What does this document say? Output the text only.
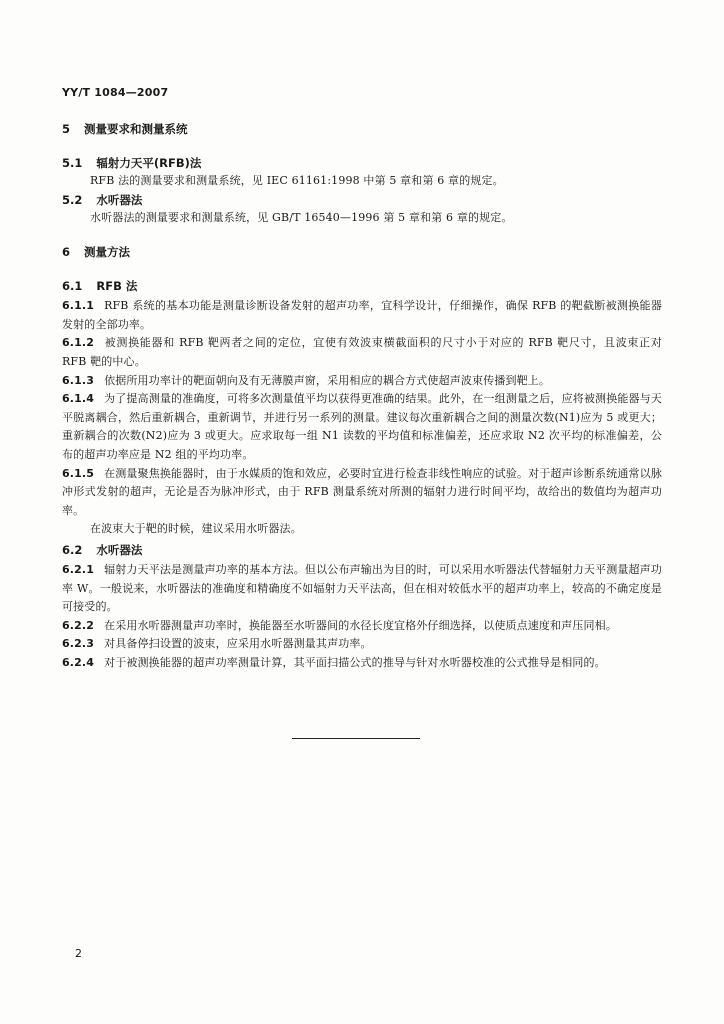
YY/T 1084—2007

5 测量要求和测量系统

5.1 辐射力天平(RFB)法

RFB 法的测量要求和测量系统，见 IEC 61161:1998 中第 5 章和第 6 章的规定。

5.2 水听器法

水听器法的测量要求和测量系统，见 GB/T 16540—1996 第 5 章和第 6 章的规定。

6 测量方法

6.1 RFB 法

6.1.1 RFB 系统的基本功能是测量诊断设备发射的超声功率，宜科学设计，仔细操作，确保 RFB 的靶截断被测换能器发射的全部功率。

6.1.2 被测换能器和 RFB 靶两者之间的定位，宜使有效波束横截面积的尺寸小于对应的 RFB 靶尺寸，且波束正对 RFB 靶的中心。

6.1.3 依据所用功率计的靶面朝向及有无薄膜声窗，采用相应的耦合方式使超声波束传播到靶上。

6.1.4 为了提高测量的准确度，可将多次测量值平均以获得更准确的结果。此外，在一组测量之后，应将被测换能器与天平脱离耦合，然后重新耦合，重新调节，并进行另一系列的测量。建议每次重新耦合之间的测量次数(N1)应为 5 或更大；重新耦合的次数(N2)应为 3 或更大。应求取每一组 N1 读数的平均值和标准偏差，还应求取 N2 次平均的标准偏差，公布的超声功率应是 N2 组的平均功率。

6.1.5 在测量聚焦换能器时，由于水媒质的饱和效应，必要时宜进行检查非线性响应的试验。对于超声诊断系统通常以脉冲形式发射的超声，无论是否为脉冲形式，由于 RFB 测量系统对所测的辐射力进行时间平均，故给出的数值均为超声功率。

在波束大于靶的时候，建议采用水听器法。

6.2 水听器法

6.2.1 辐射力天平法是测量声功率的基本方法。但以公布声输出为目的时，可以采用水听器法代替辐射力天平测量超声功率 W。一般说来，水听器法的准确度和精确度不如辐射力天平法高，但在相对较低水平的超声功率上，较高的不确定度是可接受的。

6.2.2 在采用水听器测量声功率时，换能器至水听器间的水径长度宜格外仔细选择，以使质点速度和声压同相。

6.2.3 对具备停扫设置的波束，应采用水听器测量其声功率。

6.2.4 对于被测换能器的超声功率测量计算，其平面扫描公式的推导与针对水听器校准的公式推导是相同的。

2
